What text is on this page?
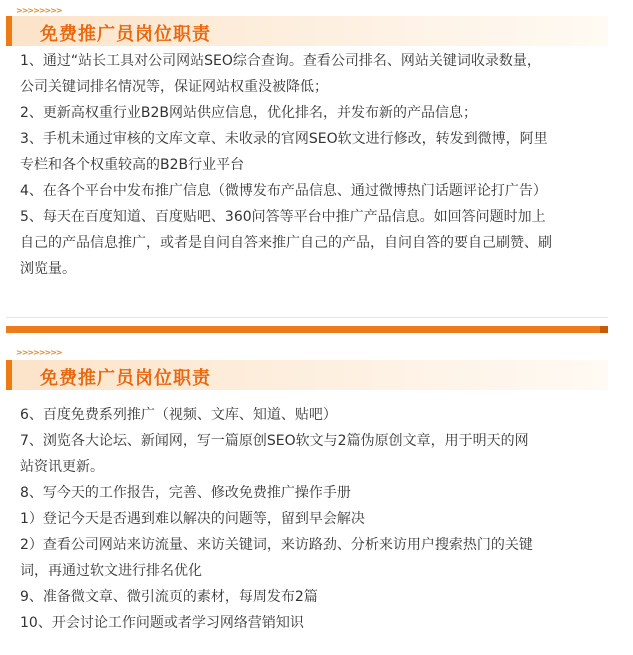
>>>>>>>>
免费推广员岗位职责

1、通过“站长工具对公司网站SEO综合查询。查看公司排名、网站关键词收录数量，

公司关键词排名情况等，保证网站权重没被降低；

2、更新高权重行业B2B网站供应信息，优化排名，并发布新的产品信息；

3、手机未通过审核的文库文章、未收录的官网SEO软文进行修改，转发到微博，阿里

专栏和各个权重较高的B2B行业平台

4、在各个平台中发布推广信息（微博发布产品信息、通过微博热门话题评论打广告）

5、每天在百度知道、百度贴吧、360问答等平台中推广产品信息。如回答问题时加上

自己的产品信息推广，或者是自问自答来推广自己的产品，自问自答的要自己刷赞、刷

浏览量。

>>>>>>>>
免费推广员岗位职责

6、百度免费系列推广（视频、文库、知道、贴吧）

7、浏览各大论坛、新闻网，写一篇原创SEO软文与2篇伪原创文章，用于明天的网

站资讯更新。

8、写今天的工作报告，完善、修改免费推广操作手册

1）登记今天是否遇到难以解决的问题等，留到早会解决

2）查看公司网站来访流量、来访关键词，来访路劲、分析来访用户搜索热门的关键

词，再通过软文进行排名优化

9、准备微文章、微引流页的素材，每周发布2篇

10、开会讨论工作问题或者学习网络营销知识
